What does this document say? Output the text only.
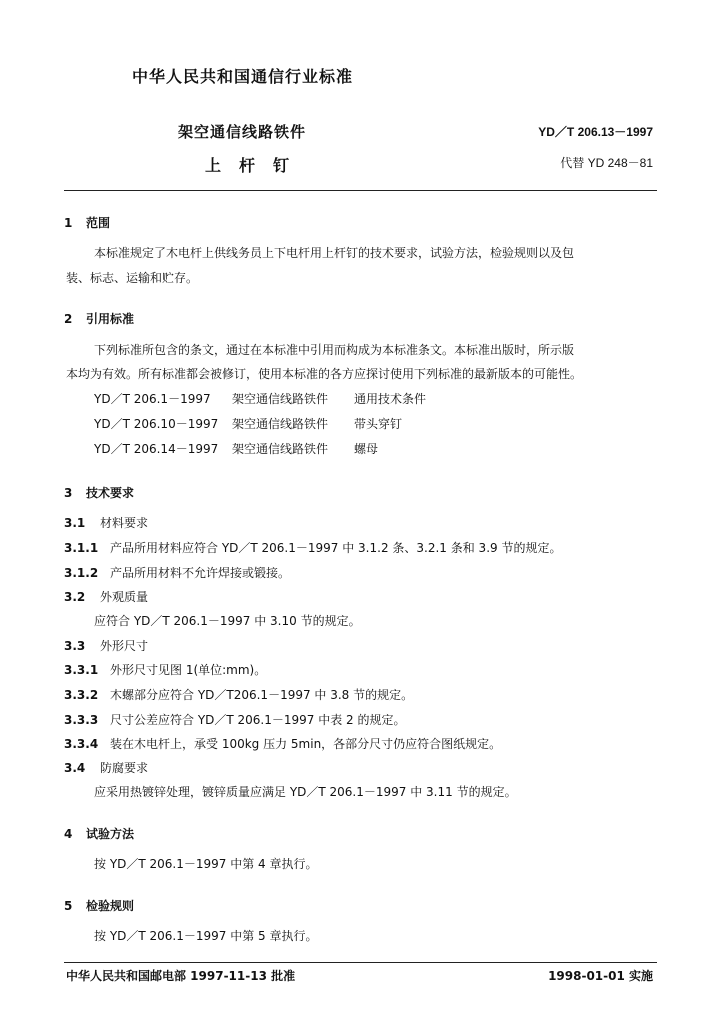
中华人民共和国通信行业标准
架空通信线路铁件
上　杆　钉
YD／T 206.13－1997
代替 YD 248－81
1 范围
本标准规定了木电杆上供线务员上下电杆用上杆钉的技术要求，试验方法，检验规则以及包
装、标志、运输和贮存。
2 引用标准
下列标准所包含的条文，通过在本标准中引用而构成为本标准条文。本标准出版时，所示版
本均为有效。所有标准都会被修订，使用本标准的各方应探讨使用下列标准的最新版本的可能性。
YD／T 206.1－1997 架空通信线路铁件 通用技术条件
YD／T 206.10－1997 架空通信线路铁件 带头穿钉
YD／T 206.14－1997 架空通信线路铁件 螺母
3 技术要求
3.1 材料要求
3.1.1 产品所用材料应符合 YD／T 206.1－1997 中 3.1.2 条、3.2.1 条和 3.9 节的规定。
3.1.2 产品所用材料不允许焊接或锻接。
3.2 外观质量
应符合 YD／T 206.1－1997 中 3.10 节的规定。
3.3 外形尺寸
3.3.1 外形尺寸见图 1(单位:mm)。
3.3.2 木螺部分应符合 YD／T206.1－1997 中 3.8 节的规定。
3.3.3 尺寸公差应符合 YD／T 206.1－1997 中表 2 的规定。
3.3.4 装在木电杆上，承受 100kg 压力 5min，各部分尺寸仍应符合图纸规定。
3.4 防腐要求
应采用热镀锌处理，镀锌质量应满足 YD／T 206.1－1997 中 3.11 节的规定。
4 试验方法
按 YD／T 206.1－1997 中第 4 章执行。
5 检验规则
按 YD／T 206.1－1997 中第 5 章执行。
中华人民共和国邮电部 1997-11-13 批准	1998-01-01 实施
